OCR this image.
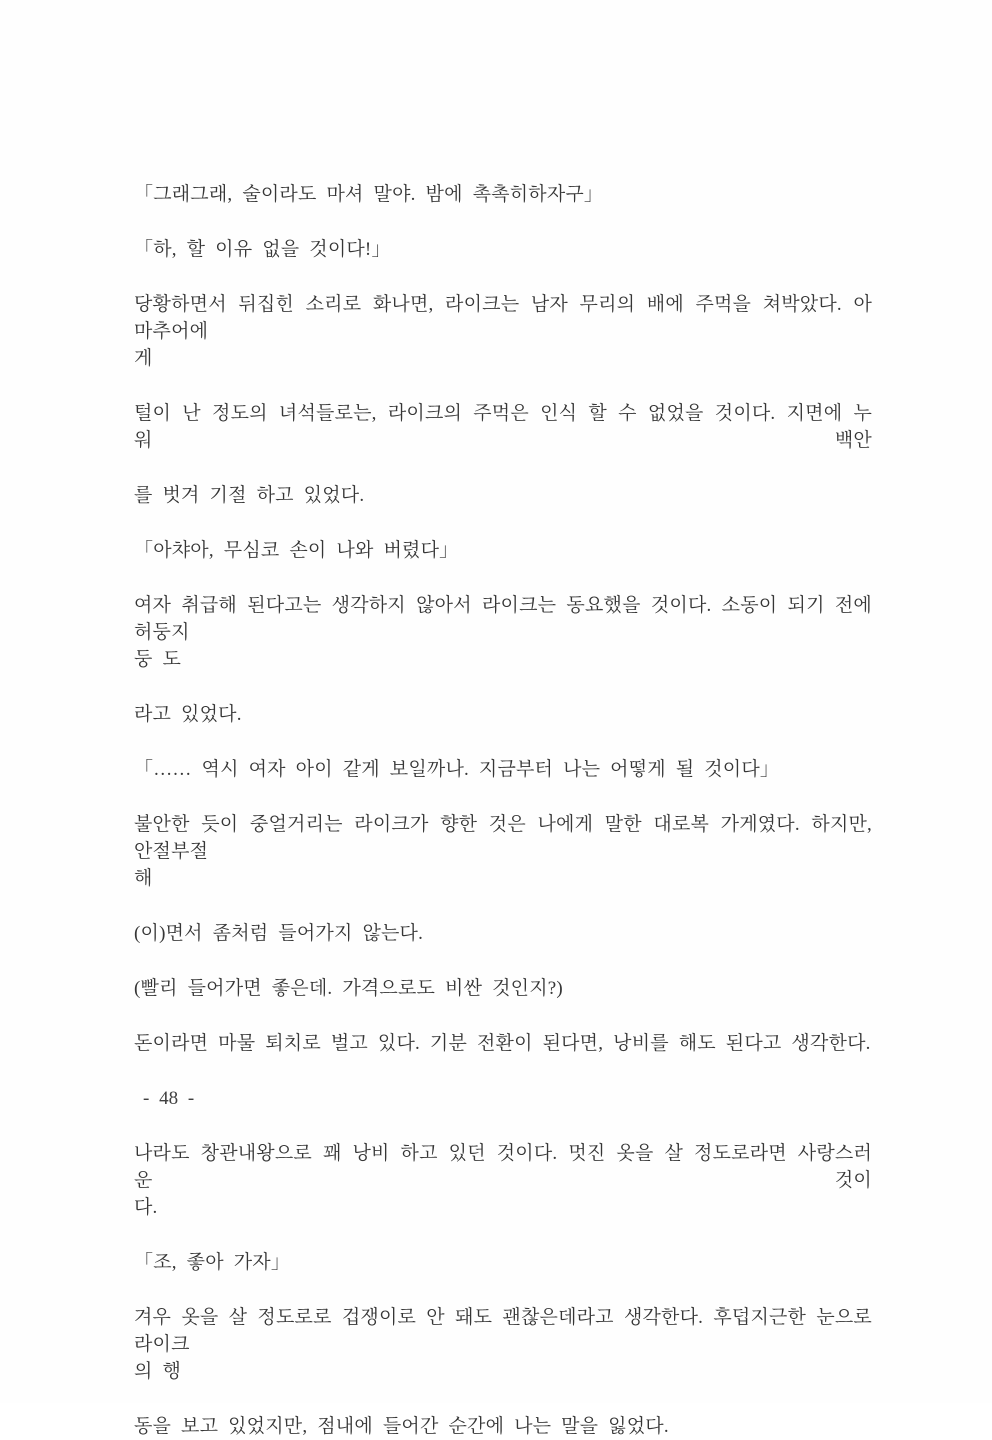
「그래그래, 술이라도 마셔 말야. 밤에 촉촉히하자구」

「하, 할 이유 없을 것이다!」

당황하면서 뒤집힌 소리로 화나면, 라이크는 남자 무리의 배에 주먹을 쳐박았다. 아마추어에
게

털이 난 정도의 녀석들로는, 라이크의 주먹은 인식 할 수 없었을 것이다. 지면에 누워 백안

를 벗겨 기절 하고 있었다.

「아챠아, 무심코 손이 나와 버렸다」

여자 취급해 된다고는 생각하지 않아서 라이크는 동요했을 것이다. 소동이 되기 전에 허둥지
둥 도

라고 있었다.

「…… 역시 여자 아이 같게 보일까나. 지금부터 나는 어떻게 될 것이다」

불안한 듯이 중얼거리는 라이크가 향한 것은 나에게 말한 대로복 가게였다. 하지만, 안절부절
해

(이)면서 좀처럼 들어가지 않는다.

(빨리 들어가면 좋은데. 가격으로도 비싼 것인지?)

돈이라면 마물 퇴치로 벌고 있다. 기분 전환이 된다면, 낭비를 해도 된다고 생각한다.

- 48 -

나라도 창관내왕으로 꽤 낭비 하고 있던 것이다. 멋진 옷을 살 정도로라면 사랑스러운 것이
다.

「조, 좋아 가자」

겨우 옷을 살 정도로로 겁쟁이로 안 돼도 괜찮은데라고 생각한다. 후덥지근한 눈으로 라이크
의 행

동을 보고 있었지만, 점내에 들어간 순간에 나는 말을 잃었다.
